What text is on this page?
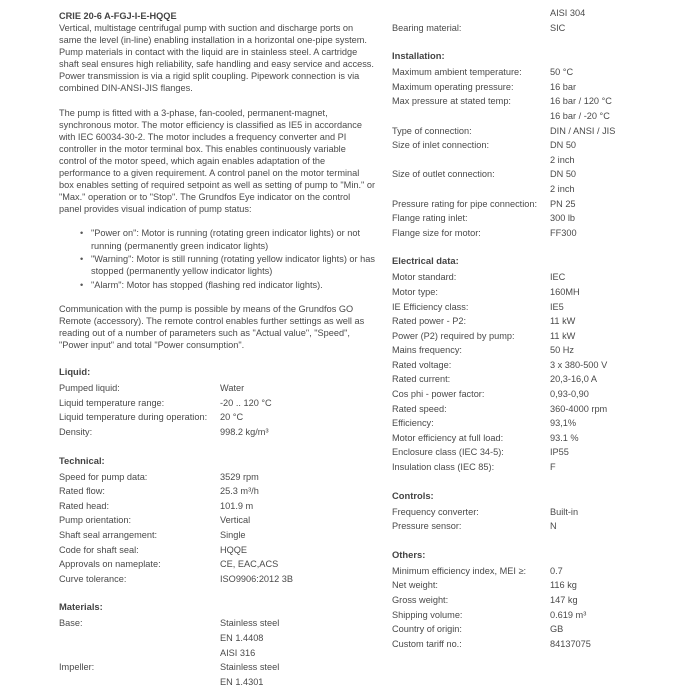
CRIE 20-6 A-FGJ-I-E-HQQE

Vertical, multistage centrifugal pump with suction and discharge ports on same the level (in-line) enabling installation in a horizontal one-pipe system. Pump materials in contact with the liquid are in stainless steel. A cartridge shaft seal ensures high reliability, safe handling and easy service and access. Power transmission is via a rigid split coupling. Pipework connection is via combined DIN-ANSI-JIS flanges.

The pump is fitted with a 3-phase, fan-cooled, permanent-magnet, synchronous motor. The motor efficiency is classified as IE5 in accordance with IEC 60034-30-2. The motor includes a frequency converter and PI controller in the motor terminal box. This enables continuously variable control of the motor speed, which again enables adaptation of the performance to a given requirement. A control panel on the motor terminal box enables setting of required setpoint as well as setting of pump to "Min." or "Max." operation or to "Stop". The Grundfos Eye indicator on the control panel provides visual indication of pump status:

• "Power on": Motor is running (rotating green indicator lights) or not running (permanently green indicator lights)
• "Warning": Motor is still running (rotating yellow indicator lights) or has stopped (permanently yellow indicator lights)
• "Alarm": Motor has stopped (flashing red indicator lights).

Communication with the pump is possible by means of the Grundfos GO Remote (accessory). The remote control enables further settings as well as reading out of a number of parameters such as "Actual value", "Speed", "Power input" and total "Power consumption".

Liquid:
Pumped liquid:	Water
Liquid temperature range:	-20 .. 120 °C
Liquid temperature during operation:	20 °C
Density:	998.2 kg/m³
Technical:
Speed for pump data:	3529 rpm
Rated flow:	25.3 m³/h
Rated head:	101.9 m
Pump orientation:	Vertical
Shaft seal arrangement:	Single
Code for shaft seal:	HQQE
Approvals on nameplate:	CE, EAC,ACS
Curve tolerance:	ISO9906:2012 3B
Materials:
Base:	Stainless steel
EN 1.4408
AISI 316
Impeller:	Stainless steel
EN 1.4301
AISI 304
Bearing material:	SIC
Installation:
Maximum ambient temperature:	50 °C
Maximum operating pressure:	16 bar
Max pressure at stated temp:	16 bar / 120 °C
16 bar / -20 °C
Type of connection:	DIN / ANSI / JIS
Size of inlet connection:	DN 50
2 inch
Size of outlet connection:	DN 50
2 inch
Pressure rating for pipe connection:	PN 25
Flange rating inlet:	300 lb
Flange size for motor:	FF300
Electrical data:
Motor standard:	IEC
Motor type:	160MH
IE Efficiency class:	IE5
Rated power - P2:	11 kW
Power (P2) required by pump:	11 kW
Mains frequency:	50 Hz
Rated voltage:	3 x 380-500 V
Rated current:	20,3-16,0 A
Cos phi - power factor:	0,93-0,90
Rated speed:	360-4000 rpm
Efficiency:	93,1%
Motor efficiency at full load:	93.1 %
Enclosure class (IEC 34-5):	IP55
Insulation class (IEC 85):	F
Controls:
Frequency converter:	Built-in
Pressure sensor:	N
Others:
Minimum efficiency index, MEI ≥:	0.7
Net weight:	116 kg
Gross weight:	147 kg
Shipping volume:	0.619 m³
Country of origin:	GB
Custom tariff no.:	84137075
